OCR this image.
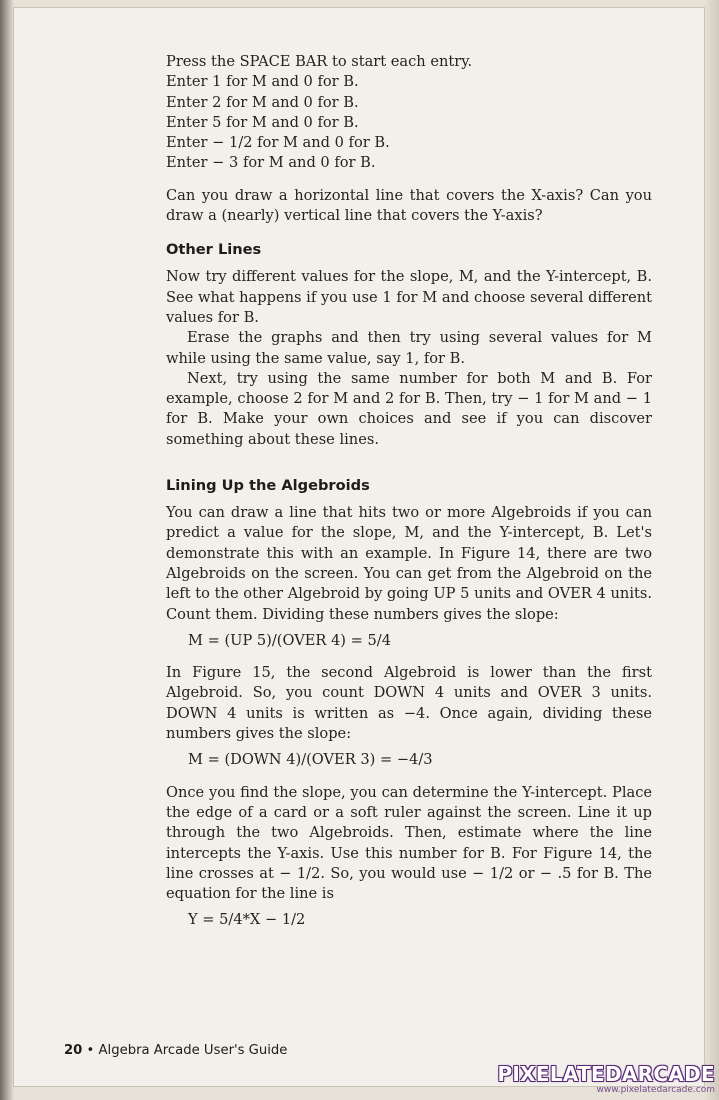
Press the SPACE BAR to start each entry.
Enter 1 for M and 0 for B.
Enter 2 for M and 0 for B.
Enter 5 for M and 0 for B.
Enter − 1/2 for M and 0 for B.
Enter − 3 for M and 0 for B.

Can you draw a horizontal line that covers the X-axis? Can you draw a (nearly) vertical line that covers the Y-axis?

Other Lines

Now try different values for the slope, M, and the Y-intercept, B. See what happens if you use 1 for M and choose several different values for B.

Erase the graphs and then try using several values for M while using the same value, say 1, for B.

Next, try using the same number for both M and B. For example, choose 2 for M and 2 for B. Then, try − 1 for M and − 1 for B. Make your own choices and see if you can discover something about these lines.

Lining Up the Algebroids

You can draw a line that hits two or more Algebroids if you can predict a value for the slope, M, and the Y-intercept, B. Let's demonstrate this with an example. In Figure 14, there are two Algebroids on the screen. You can get from the Algebroid on the left to the other Algebroid by going UP 5 units and OVER 4 units. Count them. Dividing these numbers gives the slope:

M = (UP 5)/(OVER 4) = 5/4

In Figure 15, the second Algebroid is lower than the first Algebroid. So, you count DOWN 4 units and OVER 3 units. DOWN 4 units is written as −4. Once again, dividing these numbers gives the slope:

M = (DOWN 4)/(OVER 3) = −4/3

Once you find the slope, you can determine the Y-intercept. Place the edge of a card or a soft ruler against the screen. Line it up through the two Algebroids. Then, estimate where the line intercepts the Y-axis. Use this number for B. For Figure 14, the line crosses at − 1/2. So, you would use − 1/2 or − .5 for B. The equation for the line is

Y = 5/4*X − 1/2

20 • Algebra Arcade User's Guide
PIXELATEDARCADE
www.pixelatedarcade.com
